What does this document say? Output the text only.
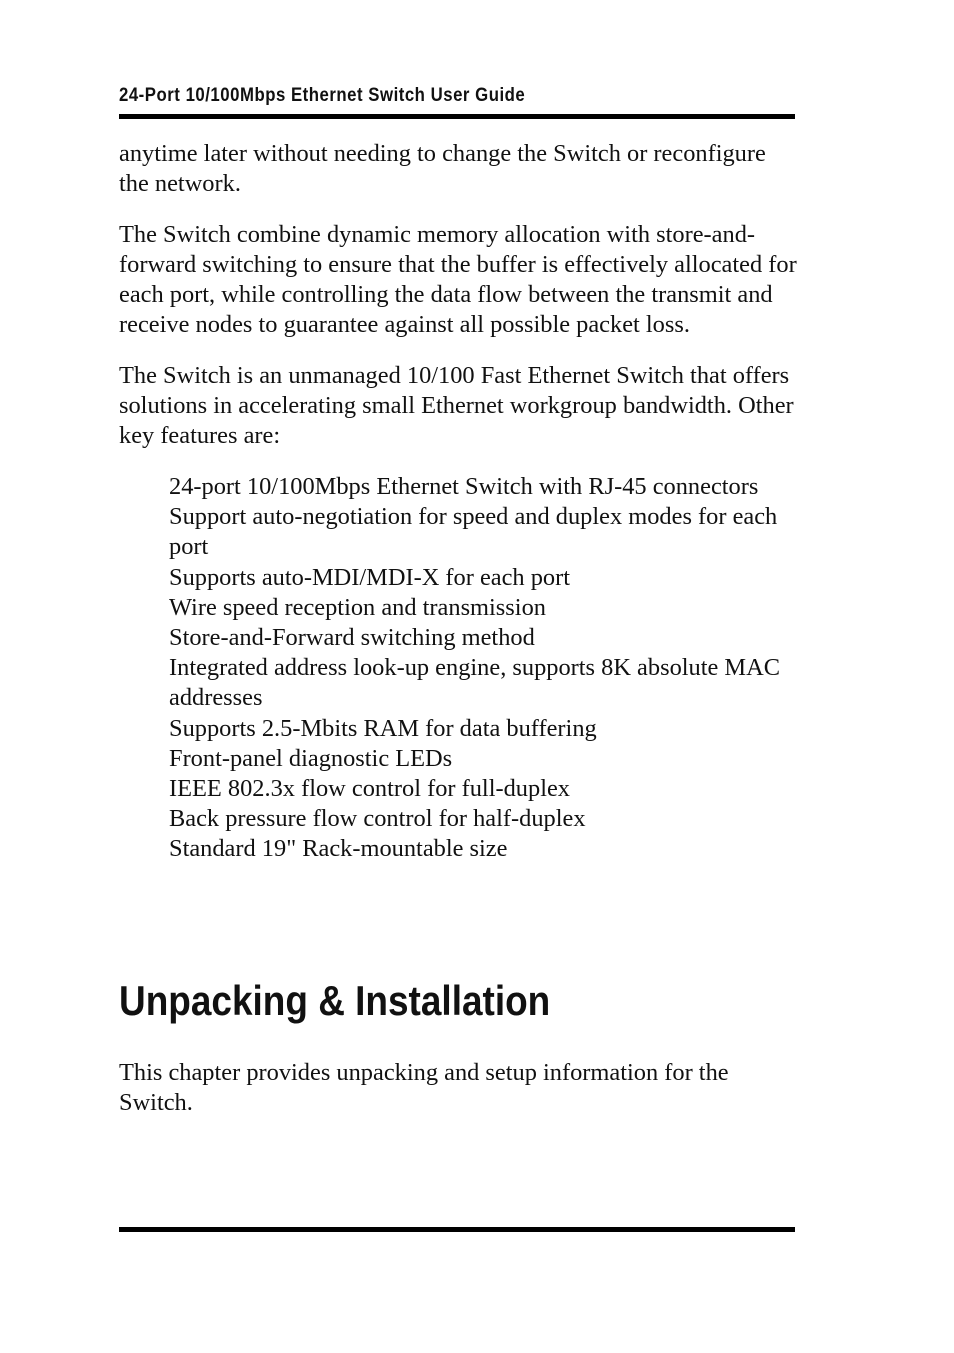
24-Port 10/100Mbps Ethernet Switch User Guide

anytime later without needing to change the Switch or reconfigure the network.

The Switch combine dynamic memory allocation with store-and-forward switching to ensure that the buffer is effectively allocated for each port, while controlling the data flow between the transmit and receive nodes to guarantee against all possible packet loss.

The Switch is an unmanaged 10/100 Fast Ethernet Switch that offers solutions in accelerating small Ethernet workgroup bandwidth. Other key features are:

24-port 10/100Mbps Ethernet Switch with RJ-45 connectors
Support auto-negotiation for speed and duplex modes for each port
Supports auto-MDI/MDI-X for each port
Wire speed reception and transmission
Store-and-Forward switching method
Integrated address look-up engine, supports 8K absolute MAC addresses
Supports 2.5-Mbits RAM for data buffering
Front-panel diagnostic LEDs
IEEE 802.3x flow control for full-duplex
Back pressure flow control for half-duplex
Standard 19" Rack-mountable size
Unpacking & Installation

This chapter provides unpacking and setup information for the Switch.
